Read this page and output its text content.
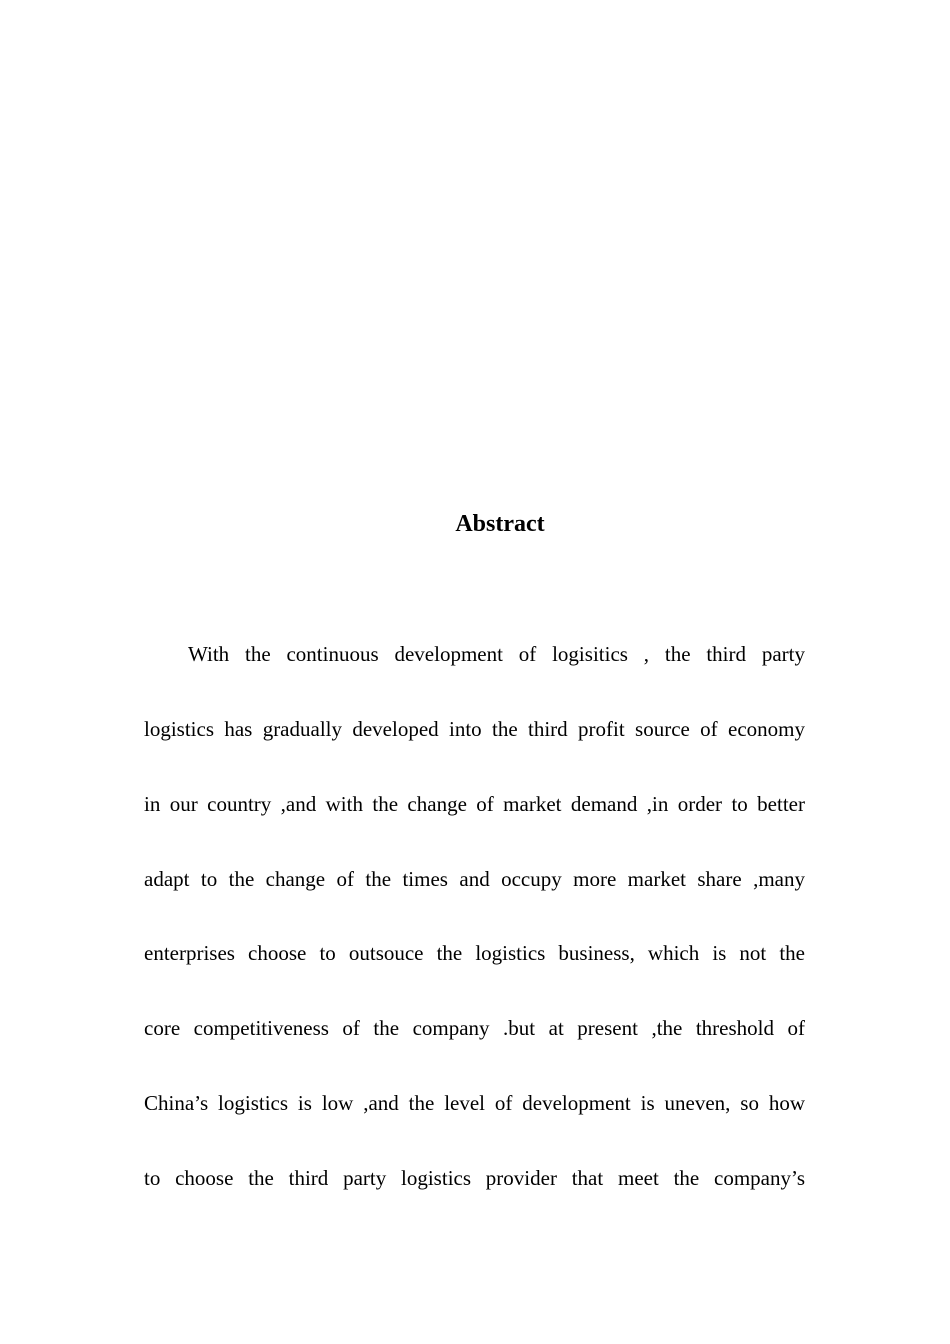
Abstract
With the continuous development of logisitics , the third party
logistics has gradually developed into the third profit source of economy
in our country ,and with the change of market demand ,in order to better
adapt to the change of the times and occupy more market share ,many
enterprises choose to outsouce the logistics business, which is not the
core competitiveness of the company .but at present ,the threshold of
China’s logistics is low ,and the level of development is uneven, so how
to choose the third party logistics provider that meet the company’s
